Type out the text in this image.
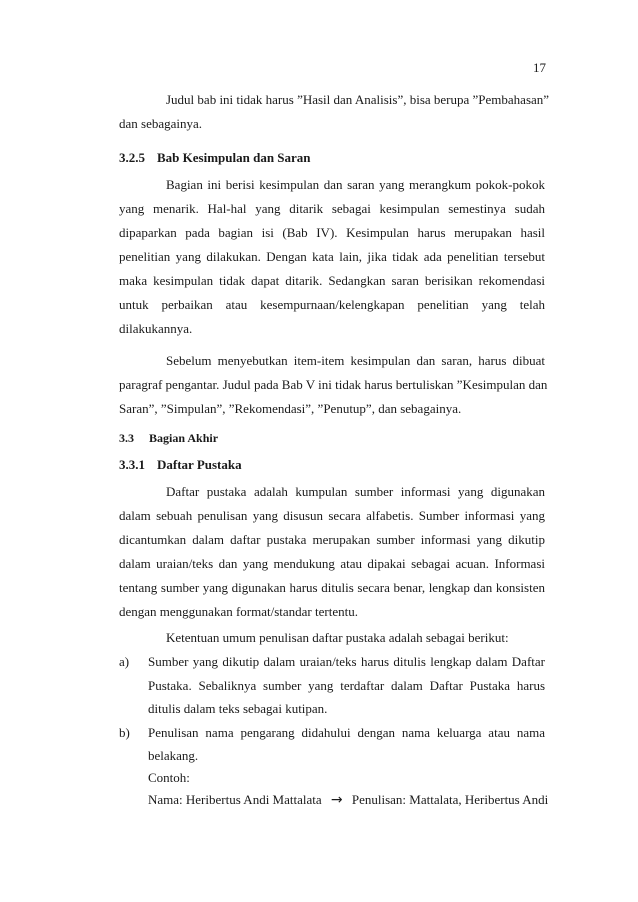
17
Judul bab ini tidak harus ”Hasil dan Analisis”, bisa berupa ”Pembahasan”
dan sebagainya.
3.2.5 Bab Kesimpulan dan Saran
Bagian ini berisi kesimpulan dan saran yang merangkum pokok-pokok
yang menarik. Hal-hal yang ditarik sebagai kesimpulan semestinya sudah
dipaparkan pada bagian isi (Bab IV). Kesimpulan harus merupakan hasil
penelitian yang dilakukan. Dengan kata lain, jika tidak ada penelitian tersebut
maka kesimpulan tidak dapat ditarik. Sedangkan saran berisikan rekomendasi
untuk perbaikan atau kesempurnaan/kelengkapan penelitian yang telah
dilakukannya.
Sebelum menyebutkan item-item kesimpulan dan saran, harus dibuat
paragraf pengantar. Judul pada Bab V ini tidak harus bertuliskan ”Kesimpulan dan
Saran”, ”Simpulan”, ”Rekomendasi”, ”Penutup”, dan sebagainya.
3.3 Bagian Akhir
3.3.1 Daftar Pustaka
Daftar pustaka adalah kumpulan sumber informasi yang digunakan
dalam sebuah penulisan yang disusun secara alfabetis. Sumber informasi yang
dicantumkan dalam daftar pustaka merupakan sumber informasi yang dikutip
dalam uraian/teks dan yang mendukung atau dipakai sebagai acuan. Informasi
tentang sumber yang digunakan harus ditulis secara benar, lengkap dan konsisten
dengan menggunakan format/standar tertentu.
Ketentuan umum penulisan daftar pustaka adalah sebagai berikut:
a) Sumber yang dikutip dalam uraian/teks harus ditulis lengkap dalam Daftar
Pustaka. Sebaliknya sumber yang terdaftar dalam Daftar Pustaka harus
ditulis dalam teks sebagai kutipan.
b) Penulisan nama pengarang didahului dengan nama keluarga atau nama
belakang.
Contoh:
Nama: Heribertus Andi Mattalata → Penulisan: Mattalata, Heribertus Andi
